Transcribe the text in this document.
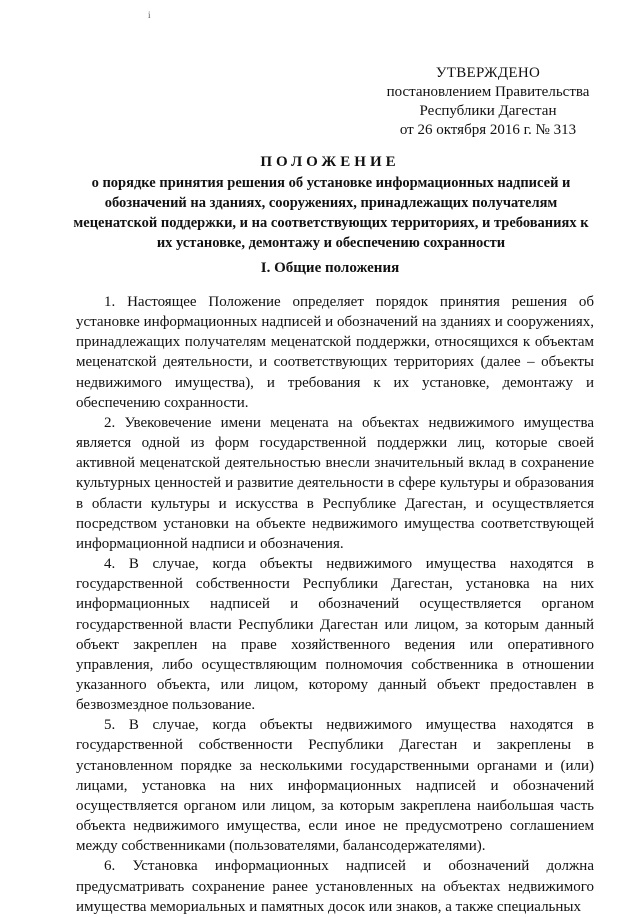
i
УТВЕРЖДЕНО
постановлением Правительства
Республики Дагестан
от 26 октября 2016 г. № 313
ПОЛОЖЕНИЕ
о порядке принятия решения об установке информационных надписей и обозначений на зданиях, сооружениях, принадлежащих получателям меценатской поддержки, и на соответствующих территориях, и требованиях к их установке, демонтажу и обеспечению сохранности
I. Общие положения

1. Настоящее Положение определяет порядок принятия решения об установке информационных надписей и обозначений на зданиях и сооружениях, принадлежащих получателям меценатской поддержки, относящихся к объектам меценатской деятельности, и соответствующих территориях (далее – объекты недвижимого имущества), и требования к их установке, демонтажу и обеспечению сохранности.

2. Увековечение имени мецената на объектах недвижимого имущества является одной из форм государственной поддержки лиц, которые своей активной меценатской деятельностью внесли значительный вклад в сохранение культурных ценностей и развитие деятельности в сфере культуры и образования в области культуры и искусства в Республике Дагестан, и осуществляется посредством установки на объекте недвижимого имущества соответствующей информационной надписи и обозначения.

4. В случае, когда объекты недвижимого имущества находятся в государственной собственности Республики Дагестан, установка на них информационных надписей и обозначений осуществляется органом государственной власти Республики Дагестан или лицом, за которым данный объект закреплен на праве хозяйственного ведения или оперативного управления, либо осуществляющим полномочия собственника в отношении указанного объекта, или лицом, которому данный объект предоставлен в безвозмездное пользование.

5. В случае, когда объекты недвижимого имущества находятся в государственной собственности Республики Дагестан и закреплены в установленном порядке за несколькими государственными органами и (или) лицами, установка на них информационных надписей и обозначений осуществляется органом или лицом, за которым закреплена наибольшая часть объекта недвижимого имущества, если иное не предусмотрено соглашением между собственниками (пользователями, балансодержателями).

6. Установка информационных надписей и обозначений должна предусматривать сохранение ранее установленных на объектах недвижимого имущества мемориальных и памятных досок или знаков, а также специальных
